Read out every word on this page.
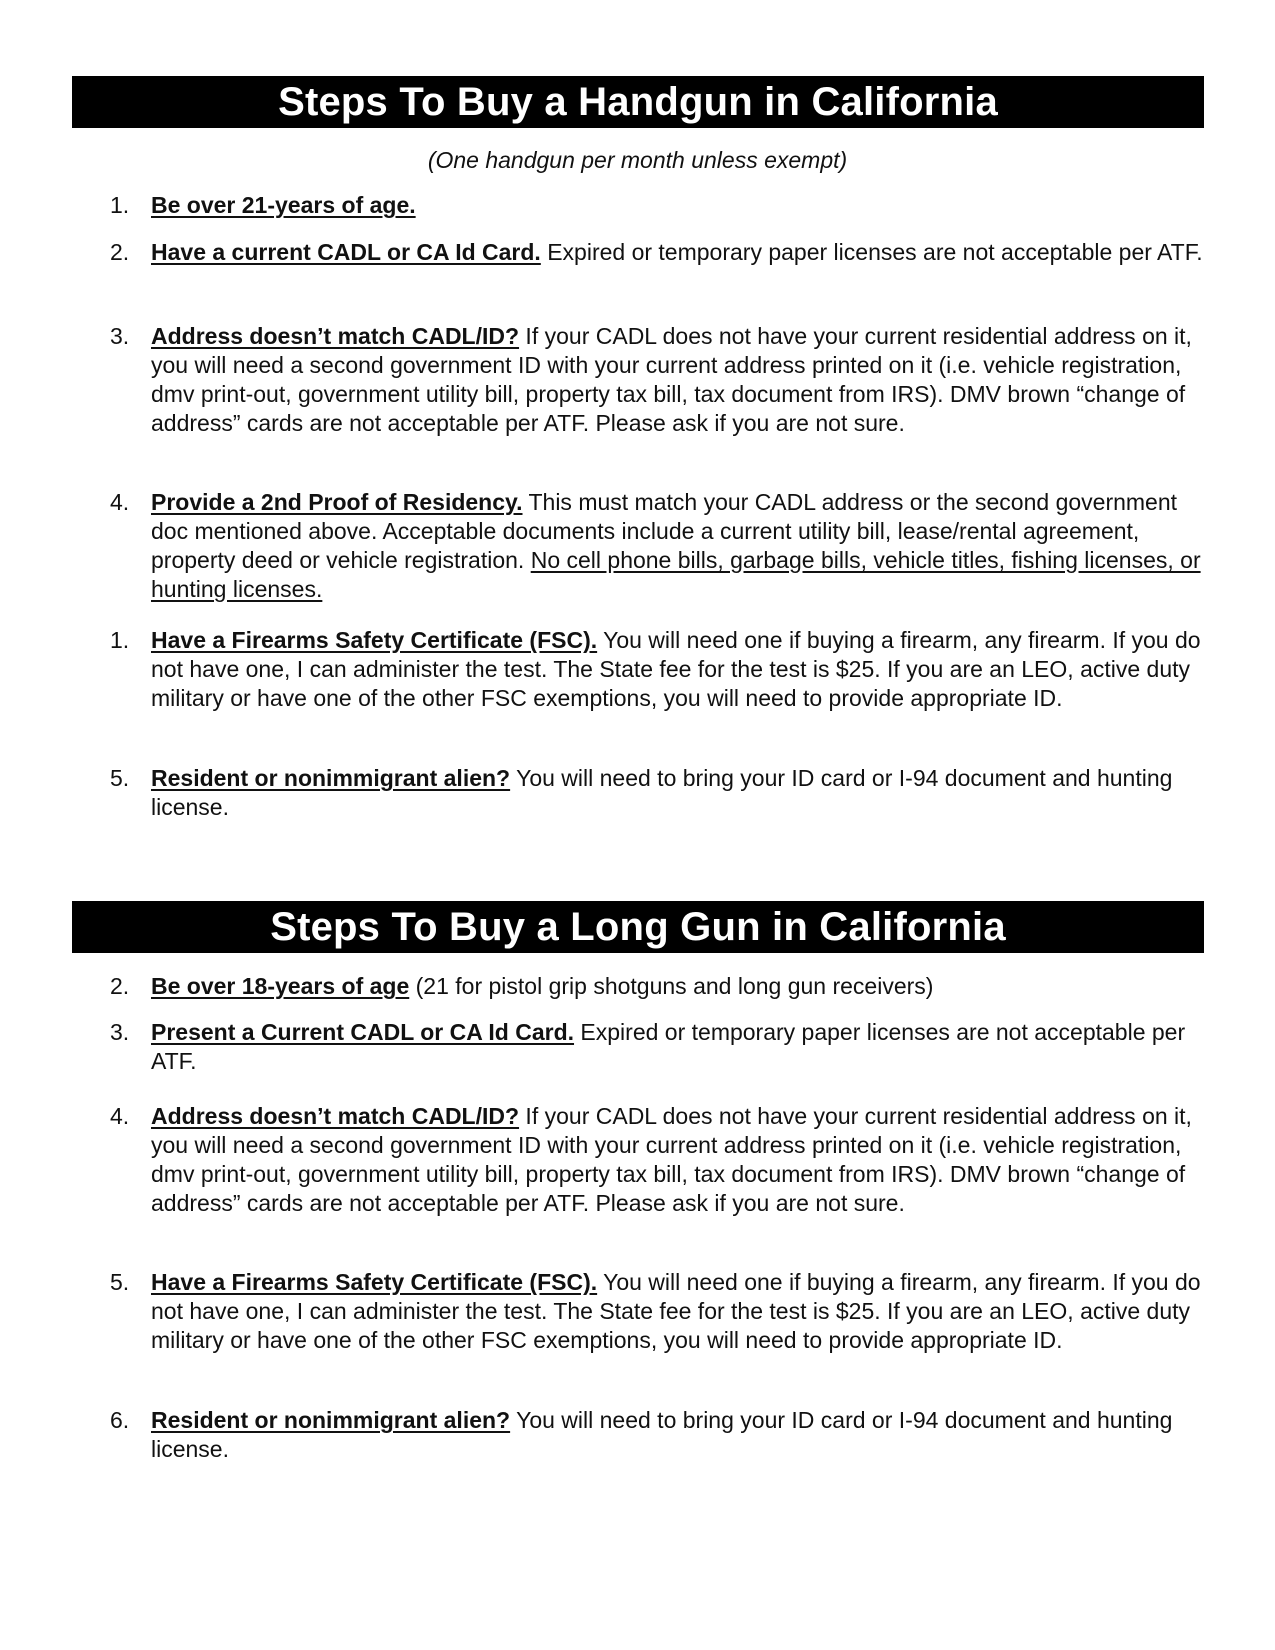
Steps To Buy a Handgun in California
(One handgun per month unless exempt)
1. Be over 21-years of age.
2. Have a current CADL or CA Id Card. Expired or temporary paper licenses are not acceptable per ATF.
3. Address doesn’t match CADL/ID? If your CADL does not have your current residential address on it, you will need a second government ID with your current address printed on it (i.e. vehicle registration, dmv print-out, government utility bill, property tax bill, tax document from IRS). DMV brown “change of address” cards are not acceptable per ATF. Please ask if you are not sure.
4. Provide a 2nd Proof of Residency. This must match your CADL address or the second government doc mentioned above. Acceptable documents include a current utility bill, lease/rental agreement, property deed or vehicle registration. No cell phone bills, garbage bills, vehicle titles, fishing licenses, or hunting licenses.
1. Have a Firearms Safety Certificate (FSC). You will need one if buying a firearm, any firearm. If you do not have one, I can administer the test. The State fee for the test is $25. If you are an LEO, active duty military or have one of the other FSC exemptions, you will need to provide appropriate ID.
5. Resident or nonimmigrant alien? You will need to bring your ID card or I-94 document and hunting license.
Steps To Buy a Long Gun in California
2. Be over 18-years of age (21 for pistol grip shotguns and long gun receivers)
3. Present a Current CADL or CA Id Card. Expired or temporary paper licenses are not acceptable per ATF.
4. Address doesn’t match CADL/ID? If your CADL does not have your current residential address on it, you will need a second government ID with your current address printed on it (i.e. vehicle registration, dmv print-out, government utility bill, property tax bill, tax document from IRS). DMV brown “change of address” cards are not acceptable per ATF. Please ask if you are not sure.
5. Have a Firearms Safety Certificate (FSC). You will need one if buying a firearm, any firearm. If you do not have one, I can administer the test. The State fee for the test is $25. If you are an LEO, active duty military or have one of the other FSC exemptions, you will need to provide appropriate ID.
6. Resident or nonimmigrant alien? You will need to bring your ID card or I-94 document and hunting license.
